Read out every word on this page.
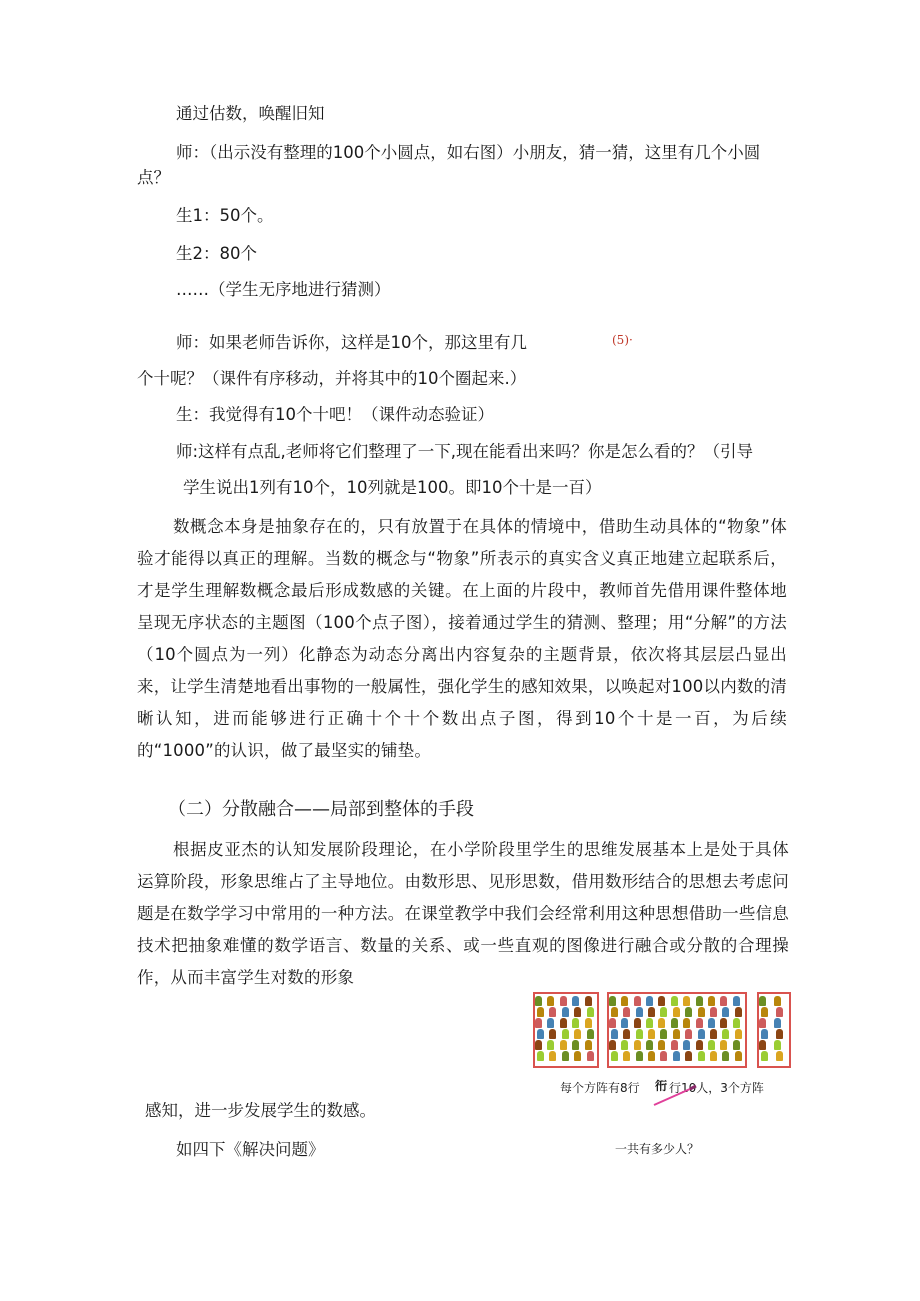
通过估数，唤醒旧知
师：（出示没有整理的100个小圆点，如右图）小朋友，猜一猜，这里有几个小圆
点？
生1：50个。
生2：80个
……（学生无序地进行猜测）
师：如果老师告诉你，这样是10个，那这里有几	(5)·
个十呢？（课件有序移动，并将其中的10个圈起来.）
生：我觉得有10个十吧！（课件动态验证）
师:这样有点乱,老师将它们整理了一下,现在能看出来吗？你是怎么看的？（引导
学生说出1列有10个，10列就是100。即10个十是一百）
数概念本身是抽象存在的，只有放置于在具体的情境中，借助生动具体的“物象”体验才能得以真正的理解。当数的概念与“物象”所表示的真实含义真正地建立起联系后，才是学生理解数概念最后形成数感的关键。在上面的片段中，教师首先借用课件整体地呈现无序状态的主题图（100个点子图），接着通过学生的猜测、整理；用“分解”的方法（10个圆点为一列）化静态为动态分离出内容复杂的主题背景，依次将其层层凸显出来，让学生清楚地看出事物的一般属性，强化学生的感知效果，以唤起对100以内数的清晰认知，进而能够进行正确十个十个数出点子图，得到10个十是一百，为后续的“1000”的认识，做了最坚实的铺垫。
（二）分散融合——局部到整体的手段
根据皮亚杰的认知发展阶段理论，在小学阶段里学生的思维发展基本上是处于具体运算阶段，形象思维占了主导地位。由数形思、见形思数，借用数形结合的思想去考虑问题是在数学学习中常用的一种方法。在课堂教学中我们会经常利用这种思想借助一些信息技术把抽象难懂的数学语言、数量的关系、或一些直观的图像进行融合或分散的合理操作，从而丰富学生对数的形象
每个方阵有8行 衎 行10人，3个方阵
一共有多少人？
感知，进一步发展学生的数感。
如四下《解决问题》
